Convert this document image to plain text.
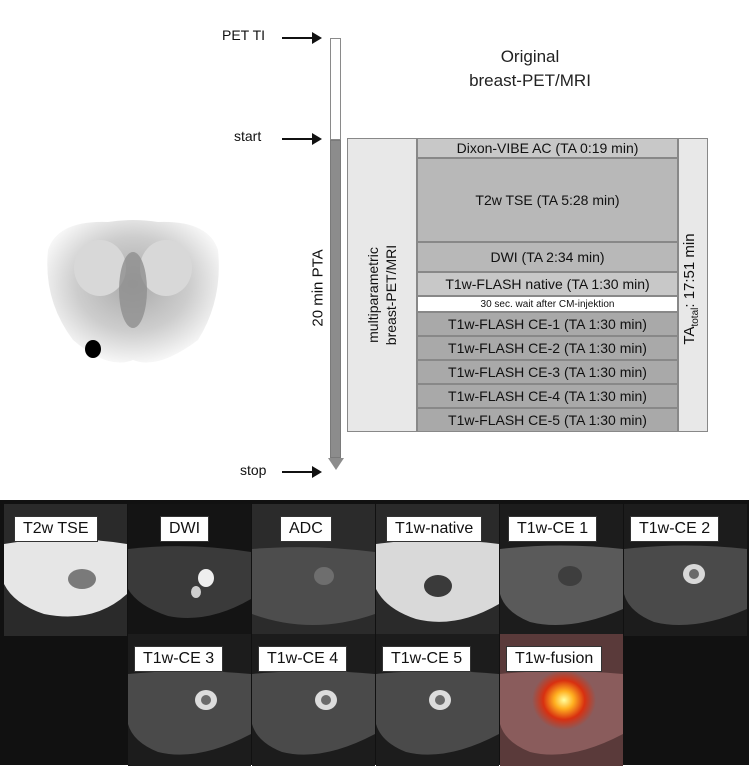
PET TI
start
stop
20 min PTA
Original
breast-PET/MRI
multiparametric breast-PET/MRI	$TA_{total}$: 17:51 min
Dixon-VIBE AC (TA 0:19 min)
T2w TSE (TA 5:28 min)
DWI (TA 2:34 min)
T1w-FLASH native (TA 1:30 min)
30 sec. wait after CM-injektion
T1w-FLASH CE-1 (TA 1:30 min)
T1w-FLASH CE-2 (TA 1:30 min)
T1w-FLASH CE-3 (TA 1:30 min)
T1w-FLASH CE-4 (TA 1:30 min)
T1w-FLASH CE-5 (TA 1:30 min)
T2w TSE	DWI	ADC	T1w-native	T1w-CE 1	T1w-CE 2
T1w-CE 3	T1w-CE 4	T1w-CE 5	T1w-fusion
